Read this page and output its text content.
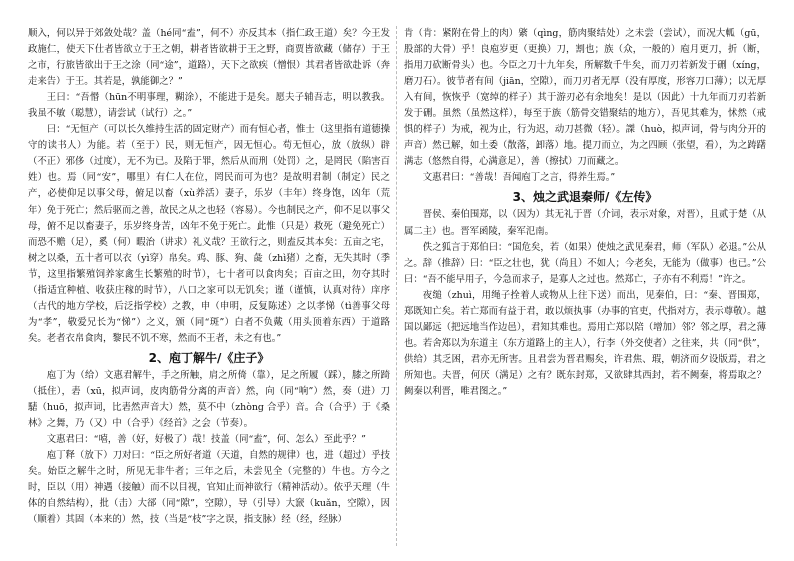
顺入，何以异于郊敛处哉？盖（hé同“盍”，何不）亦反其本（指仁政王道）矣？今王发政施仁，使天下仕者皆欲立于王之朝，耕者皆欲耕于王之野，商贾皆欲藏（储存）于王之市，行旅皆欲出于王之涂（同“途”，道路），天下之欲疾（憎恨）其君者皆欲赴诉（奔走来告）于王。其若是，孰能御之？”

王曰：“吾惽（hūn不明事理，糊涂），不能进于是矣。愿夫子辅吾志，明以教我。我虽不敏（聪慧），请尝试（试行）之。”

曰：“无恒产（可以长久维持生活的固定财产）而有恒心者，惟士（这里指有道德操守的读书人）为能。若（至于）民，则无恒产，因无恒心。苟无恒心，放（放纵）辟（不正）邪侈（过度），无不为已。及陷于罪，然后从而刑（处罚）之，是罔民（陷害百姓）也。焉（同“安”，哪里）有仁人在位，罔民而可为也？是故明君制（制定）民之产，必使仰足以事父母，俯足以畜（xù养活）妻子，乐岁（丰年）终身饱，凶年（荒年）免于死亡；然后驱而之善，故民之从之也轻（容易）。今也制民之产，仰不足以事父母，俯不足以畜妻子，乐岁终身苦，凶年不免于死亡。此惟（只是）救死（避免死亡）而恐不赡（足），奚（何）暇治（讲求）礼义哉？王欲行之，则盍反其本矣：五亩之宅，树之以桑，五十者可以衣（yì穿）帛矣。鸡、豚、狗、彘（zhì猪）之畜，无失其时（季节，这里指繁殖饲养家禽生长繁殖的时节），七十者可以食肉矣；百亩之田，勿夺其时（指适宜种植、收获庄稼的时节），八口之家可以无饥矣；谨（谨慎，认真对待）庠序（古代的地方学校，后泛指学校）之教，申（申明，反复陈述）之以孝悌（tì善事父母为“孝”，敬爱兄长为“悌”）之义，颁（同“斑”）白者不负戴（用头顶着东西）于道路矣。老者衣帛食肉，黎民不饥不寒，然而不王者，未之有也。”

2、庖丁解牛/《庄子》

庖丁为（给）文惠君解牛，手之所触，肩之所倚（靠），足之所履（踩），膝之所踦（抵住），砉（xū，拟声词，皮肉筋骨分离的声音）然，向（同“响”）然，奏（进）刀騞（huō，拟声词，比砉然声音大）然，莫不中（zhòng 合乎）音。合（合乎）于《桑林》之舞，乃（又）中（合乎）《经首》之会（节奏）。

文惠君曰：“嘻，善（好，好极了）哉！技盖（同“盍”，何、怎么）至此乎？”

庖丁释（放下）刀对曰：“臣之所好者道（天道，自然的规律）也，进（超过）乎技矣。始臣之解牛之时，所见无非牛者；三年之后，未尝见全（完整的）牛也。方今之时，臣以（用）神遇（接触）而不以目视，官知止而神欲行（精神活动）。依乎天理（牛体的自然结构），批（击）大郤（同“隙”，空隙），导（引导）大窾（kuǎn，空隙），因（顺着）其固（本来的）然，技（当是“枝”字之误，指支脉）经（经，经脉）

肯（肯：紧附在骨上的肉）綮（qìng，筋肉聚结处）之未尝（尝试），而况大軱（gū，股部的大骨）乎！良庖岁更（更换）刀，割也；族（众，一般的）庖月更刀，折（断，指用刀砍断骨头）也。今臣之刀十九年矣，所解数千牛矣，而刀刃若新发于硎（xíng，磨刀石）。彼节者有间（jiān，空隙），而刀刃者无厚（没有厚度，形容刀口薄）；以无厚入有间，恢恢乎（宽绰的样子）其于游刃必有余地矣！是以（因此）十九年而刀刃若新发于硎。虽然（虽然这样），每至于族（筋骨交错聚结的地方），吾见其难为，怵然（戒惧的样子）为戒，视为止，行为迟，动刀甚微（轻）。謋（huò，拟声词，骨与肉分开的声音）然已解，如土委（散落，卸落）地。提刀而立，为之四顾（张望，看），为之踌躇满志（悠然自得，心满意足），善（擦拭）刀而藏之。

文惠君曰：“善哉！吾闻庖丁之言，得养生焉。”

3、烛之武退秦师/《左传》

晋侯、秦伯围郑，以（因为）其无礼于晋（介词，表示对象，对晋），且贰于楚（从属二主）也。晋军函陵，秦军氾南。

佚之狐言于郑伯曰：“国危矣，若（如果）使烛之武见秦君，师（军队）必退。”公从之。辞（推辞）曰：“臣之壮也，犹（尚且）不如人；今老矣，无能为（做事）也已。”公曰：“吾不能早用子，今急而求子，是寡人之过也。然郑亡，子亦有不利焉！”许之。

夜缒（zhuì，用绳子拴着人或物从上往下送）而出，见秦伯，曰：“秦、晋围郑，郑既知亡矣。若亡郑而有益于君，敢以烦执事（办事的官吏，代指对方，表示尊敬）。越国以鄙远（把远地当作边邑），君知其难也。焉用亡郑以陪（增加）邻？邻之厚，君之薄也。若舍郑以为东道主（东方道路上的主人），行李（外交使者）之往来，共（同“供”，供给）其乏困，君亦无所害。且君尝为晋君赐矣，许君焦、瑕，朝济而夕设版焉，君之所知也。夫晋，何厌（满足）之有？既东封郑，又欲肆其西封，若不阙秦，将焉取之？阙秦以利晋，唯君图之。”
